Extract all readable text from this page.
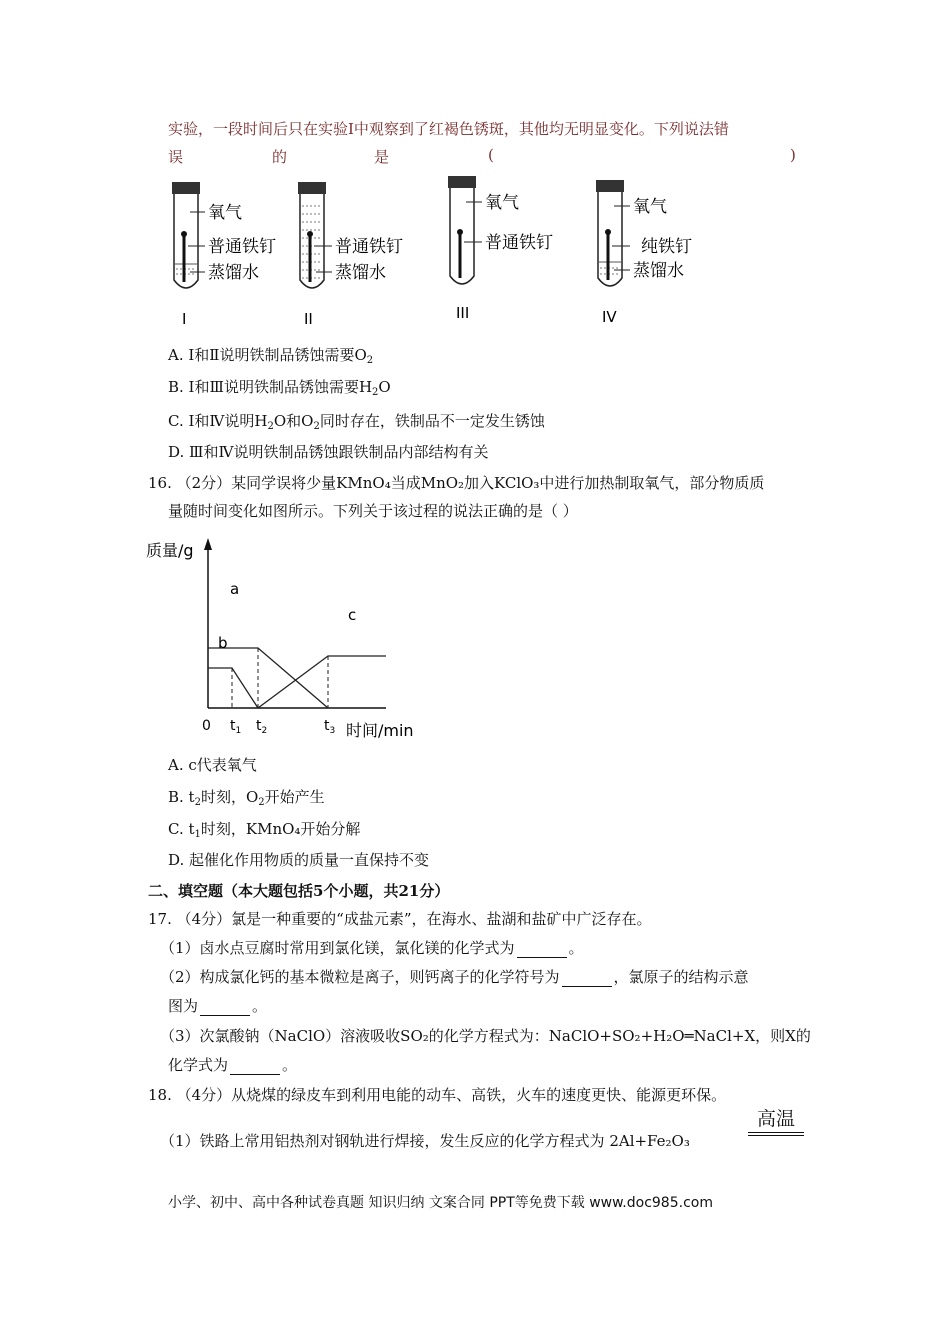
实验，一段时间后只在实验Ⅰ中观察到了红褐色锈斑，其他均无明显变化。下列说法错
误	的	是	(	)
氧气
普通铁钉
蒸馏水
I
普通铁钉
蒸馏水
II
氧气
普通铁钉
III
氧气
纯铁钉
蒸馏水
IV
A. Ⅰ和Ⅱ说明铁制品锈蚀需要$O_2$
B. Ⅰ和Ⅲ说明铁制品锈蚀需要$H_2O$
C. Ⅰ和Ⅳ说明$H_2O$和$O_2$同时存在，铁制品不一定发生锈蚀
D. Ⅲ和Ⅳ说明铁制品锈蚀跟铁制品内部结构有关
16. （2分）某同学误将少量KMnO₄当成MnO₂加入KClO₃中进行加热制取氧气，部分物质质
量随时间变化如图所示。下列关于该过程的说法正确的是（ ）
质量/g
a
b
c
0 $t_1$ $t_2$	$t_3$ 时间/min
A. c代表氧气
B. $t_2$时刻，$O_2$开始产生
C. $t_1$时刻，KMnO₄开始分解
D. 起催化作用物质的质量一直保持不变
二、填空题（本大题包括5个小题，共21分）
17. （4分）氯是一种重要的“成盐元素”，在海水、盐湖和盐矿中广泛存在。
（1）卤水点豆腐时常用到氯化镁，氯化镁的化学式为	。
（2）构成氯化钙的基本微粒是离子，则钙离子的化学符号为	，氯原子的结构示意
图为	。
（3）次氯酸钠（NaClO）溶液吸收SO₂的化学方程式为：NaClO+SO₂+H₂O═NaCl+X，则X的
化学式为	。
18. （4分）从烧煤的绿皮车到利用电能的动车、高铁，火车的速度更快、能源更环保。
（1）铁路上常用铝热剂对钢轨进行焊接，发生反应的化学方程式为 2Al+Fe₂O₃
高温
小学、初中、高中各种试卷真题 知识归纳 文案合同 PPT等免费下载 www.doc985.com
